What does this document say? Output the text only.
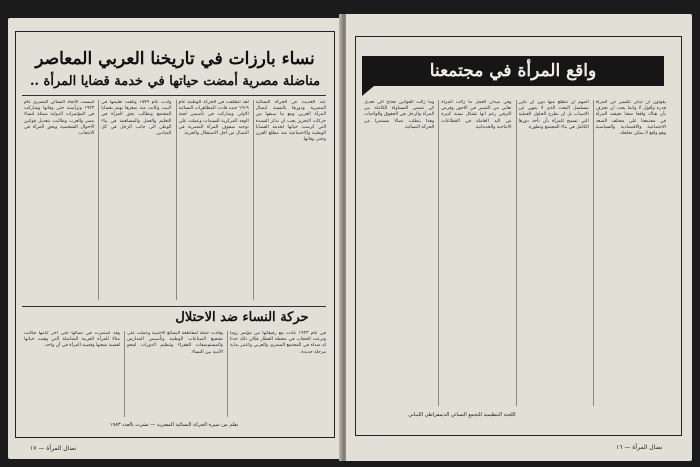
نساء بارزات في تاريخنا العربي المعاصر
مناضلة مصرية أمضت حياتها في خدمة قضايا المرأة ..
عند الحديث عن الحركة النسائية المصرية ودورها بالنسبة لنضال المرأة العربي ومع ما سبقها من حركات التحرير يجب ان نذكر السيدة التي كرست حياتها لخدمة القضايا الوطنية والاجتماعية منذ مطلع القرن وحتى وفاتها.
لقد انطلقت في الحركة الوطنية عام ١٩١٩ حيث قادت المظاهرات النسائية الاولى وشاركت في تأسيس لجنة الوفد المركزية للسيدات وعملت على توحيد صفوف المرأة المصرية في النضال من أجل الاستقلال والحرية.
ولدت عام ١٨٧٩ وتلقت تعليمها في البيت وكانت منذ صغرها تهتم بقضايا المجتمع وتطالب بحق المرأة في التعليم والعمل والمساهمة في بناء الوطن الى جانب الرجل في كل الميادين.
أسست الاتحاد النسائي المصري عام ١٩٢٣ وترأسته حتى وفاتها وشاركت في المؤتمرات الدولية ممثلة لنساء مصر والعرب وطالبت بتعديل قوانين الاحوال الشخصية وبحق المرأة في الانتخاب.
حركة النساء ضد الاحتلال
في عام ١٩٢٣ عادت مع رفيقاتها من مؤتمر روما ونزعت الحجاب في محطة القطار فكان ذلك حدثا له صداه في المجتمع المصري والعربي واعتبر بداية مرحلة جديدة.
وقادت حملة لمقاطعة البضائع الاجنبية وعملت على تشجيع الصناعات الوطنية وتأسيس المدارس والمستوصفات للفقراء وتنظيم الدورات لمحو الأمية بين النساء.
وقد استمرت في نضالها حتى آخر أيامها فكانت مثالا للمرأة العربية المناضلة التي وهبت حياتها لقضية شعبها وقضية المرأة في آن واحد.
بقلم من سيرة الحركة النسائية المصرية — نشرت بالعدد ١٩٨٣
نضال المرأة — ١٧
واقع المرأة في مجتمعنا
يقولون ان لبنان تكسير عن المرأة قدره وأقول لا وانما يجب ان نعترف بأن هناك واقعا صعبا تعيشه المرأة في مجتمعنا على مختلف الصعد الاجتماعية والاقتصادية والسياسية وهو واقع لا يمكن تجاهله.
المهم ان نتطلع منها دون ان نكرر مسلسل البحث الذي لا ينتهي عن الاسباب بل ان نطرح الحلول العملية التي تسمح للمرأة بأن تأخذ دورها الكامل في بناء المجتمع وتطوره.
وفي ميدان العمل ما زالت المرأة تعاني من التمييز في الاجور وفرص الترقي رغم انها تشكل نسبة كبيرة من اليد العاملة في القطاعات الانتاجية والخدماتية.
وما زالت القوانين تحتاج الى تعديل كي تضمن المساواة الكاملة بين المرأة والرجل في الحقوق والواجبات وهذا يتطلب نضالا مستمرا من الحركة النسائية.
اللجنة التنظيمية للتجمع النسائي الديمقراطي اللبناني
نضال المرأة — ١٦
